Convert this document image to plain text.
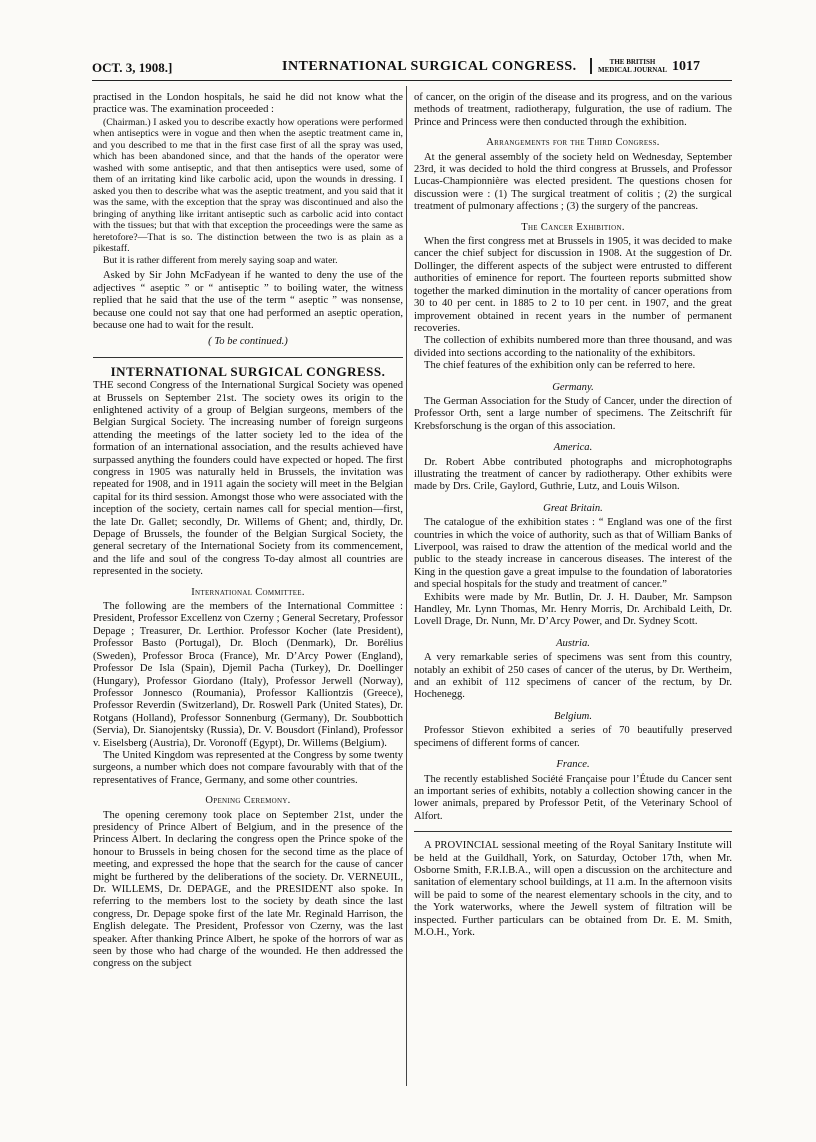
OCT. 3, 1908.]	INTERNATIONAL SURGICAL CONGRESS.	THE BRITISH
MEDICAL JOURNAL 1017

practised in the London hospitals, he said he did not know what the practice was. The examination proceeded :

(Chairman.) I asked you to describe exactly how operations were performed when antiseptics were in vogue and then when the aseptic treatment came in, and you described to me that in the first case first of all the spray was used, which has been abandoned since, and that the hands of the operator were washed with some antiseptic, and that then antiseptics were used, some of them of an irritating kind like carbolic acid, upon the wounds in dressing. I asked you then to describe what was the aseptic treatment, and you said that it was the same, with the exception that the spray was discontinued and also the bringing of anything like irritant antiseptic such as carbolic acid into contact with the tissues; but that with that exception the proceedings were the same as heretofore?—That is so. The distinction between the two is as plain as a pikestaff.

But it is rather different from merely saying soap and water.

Asked by Sir John McFadyean if he wanted to deny the use of the adjectives “ aseptic ” or “ antiseptic ” to boiling water, the witness replied that he said that the use of the term “ aseptic ” was nonsense, because one could not say that one had performed an aseptic operation, because one had to wait for the result.

( To be continued.)
INTERNATIONAL SURGICAL CONGRESS.

THE second Congress of the International Surgical Society was opened at Brussels on September 21st. The society owes its origin to the enlightened activity of a group of Belgian surgeons, members of the Belgian Surgical Society. The increasing number of foreign surgeons attending the meetings of the latter society led to the idea of the formation of an international association, and the results achieved have surpassed anything the founders could have expected or hoped. The first congress in 1905 was naturally held in Brussels, the invitation was repeated for 1908, and in 1911 again the society will meet in the Belgian capital for its third session. Amongst those who were associated with the inception of the society, certain names call for special mention—first, the late Dr. Gallet; secondly, Dr. Willems of Ghent; and, thirdly, Dr. Depage of Brussels, the founder of the Belgian Surgical Society, the general secretary of the International Society from its commencement, and the life and soul of the congress To-day almost all countries are represented in the society.

International Committee.

The following are the members of the International Committee : President, Professor Excellenz von Czerny ; General Secretary, Professor Depage ; Treasurer, Dr. Lerthior. Professor Kocher (late President), Professor Basto (Portugal), Dr. Bloch (Denmark), Dr. Borélius (Sweden), Professor Broca (France), Mr. D’Arcy Power (England), Professor De Isla (Spain), Djemil Pacha (Turkey), Dr. Doellinger (Hungary), Professor Giordano (Italy), Professor Jerwell (Norway), Professor Jonnesco (Roumania), Professor Kalliontzis (Greece), Professor Reverdin (Switzerland), Dr. Roswell Park (United States), Dr. Rotgans (Holland), Professor Sonnenburg (Germany), Dr. Soubbottich (Servia), Dr. Sianojentsky (Russia), Dr. V. Bousdort (Finland), Professor v. Eiselsberg (Austria), Dr. Voronoff (Egypt), Dr. Willems (Belgium).

The United Kingdom was represented at the Congress by some twenty surgeons, a number which does not compare favourably with that of the representatives of France, Germany, and some other countries.

Opening Ceremony.

The opening ceremony took place on September 21st, under the presidency of Prince Albert of Belgium, and in the presence of the Princess Albert. In declaring the congress open the Prince spoke of the honour to Brussels in being chosen for the second time as the place of meeting, and expressed the hope that the search for the cause of cancer might be furthered by the deliberations of the society. Dr. VERNEUIL, Dr. WILLEMS, Dr. DEPAGE, and the PRESIDENT also spoke. In referring to the members lost to the society by death since the last congress, Dr. Depage spoke first of the late Mr. Reginald Harrison, the English delegate. The President, Professor von Czerny, was the last speaker. After thanking Prince Albert, he spoke of the horrors of war as seen by those who had charge of the wounded. He then addressed the congress on the subject

of cancer, on the origin of the disease and its progress, and on the various methods of treatment, radiotherapy, fulguration, the use of radium. The Prince and Princess were then conducted through the exhibition.

Arrangements for the Third Congress.

At the general assembly of the society held on Wednesday, September 23rd, it was decided to hold the third congress at Brussels, and Professor Lucas-Championnière was elected president. The questions chosen for discussion were : (1) The surgical treatment of colitis ; (2) the surgical treatment of pulmonary affections ; (3) the surgery of the pancreas.

The Cancer Exhibition.

When the first congress met at Brussels in 1905, it was decided to make cancer the chief subject for discussion in 1908. At the suggestion of Dr. Dollinger, the different aspects of the subject were entrusted to different authorities of eminence for report. The fourteen reports submitted show together the marked diminution in the mortality of cancer operations from 30 to 40 per cent. in 1885 to 2 to 10 per cent. in 1907, and the great improvement obtained in recent years in the number of permanent recoveries.

The collection of exhibits numbered more than three thousand, and was divided into sections according to the nationality of the exhibitors.

The chief features of the exhibition only can be referred to here.

Germany.

The German Association for the Study of Cancer, under the direction of Professor Orth, sent a large number of specimens. The Zeitschrift für Krebsforschung is the organ of this association.

America.

Dr. Robert Abbe contributed photographs and microphotographs illustrating the treatment of cancer by radiotherapy. Other exhibits were made by Drs. Crile, Gaylord, Guthrie, Lutz, and Louis Wilson.

Great Britain.

The catalogue of the exhibition states : “ England was one of the first countries in which the voice of authority, such as that of William Banks of Liverpool, was raised to draw the attention of the medical world and the public to the steady increase in cancerous diseases. The interest of the King in the question gave a great impulse to the foundation of laboratories and special hospitals for the study and treatment of cancer.”

Exhibits were made by Mr. Butlin, Dr. J. H. Dauber, Mr. Sampson Handley, Mr. Lynn Thomas, Mr. Henry Morris, Dr. Archibald Leith, Dr. Lovell Drage, Dr. Nunn, Mr. D’Arcy Power, and Dr. Sydney Scott.

Austria.

A very remarkable series of specimens was sent from this country, notably an exhibit of 250 cases of cancer of the uterus, by Dr. Wertheim, and an exhibit of 112 specimens of cancer of the rectum, by Dr. Hochenegg.

Belgium.

Professor Stievon exhibited a series of 70 beautifully preserved specimens of different forms of cancer.

France.

The recently established Société Française pour l’Étude du Cancer sent an important series of exhibits, notably a collection showing cancer in the lower animals, prepared by Professor Petit, of the Veterinary School of Alfort.

A PROVINCIAL sessional meeting of the Royal Sanitary Institute will be held at the Guildhall, York, on Saturday, October 17th, when Mr. Osborne Smith, F.R.I.B.A., will open a discussion on the architecture and sanitation of elementary school buildings, at 11 a.m. In the afternoon visits will be paid to some of the nearest elementary schools in the city, and to the York waterworks, where the Jewell system of filtration will be inspected. Further particulars can be obtained from Dr. E. M. Smith, M.O.H., York.
